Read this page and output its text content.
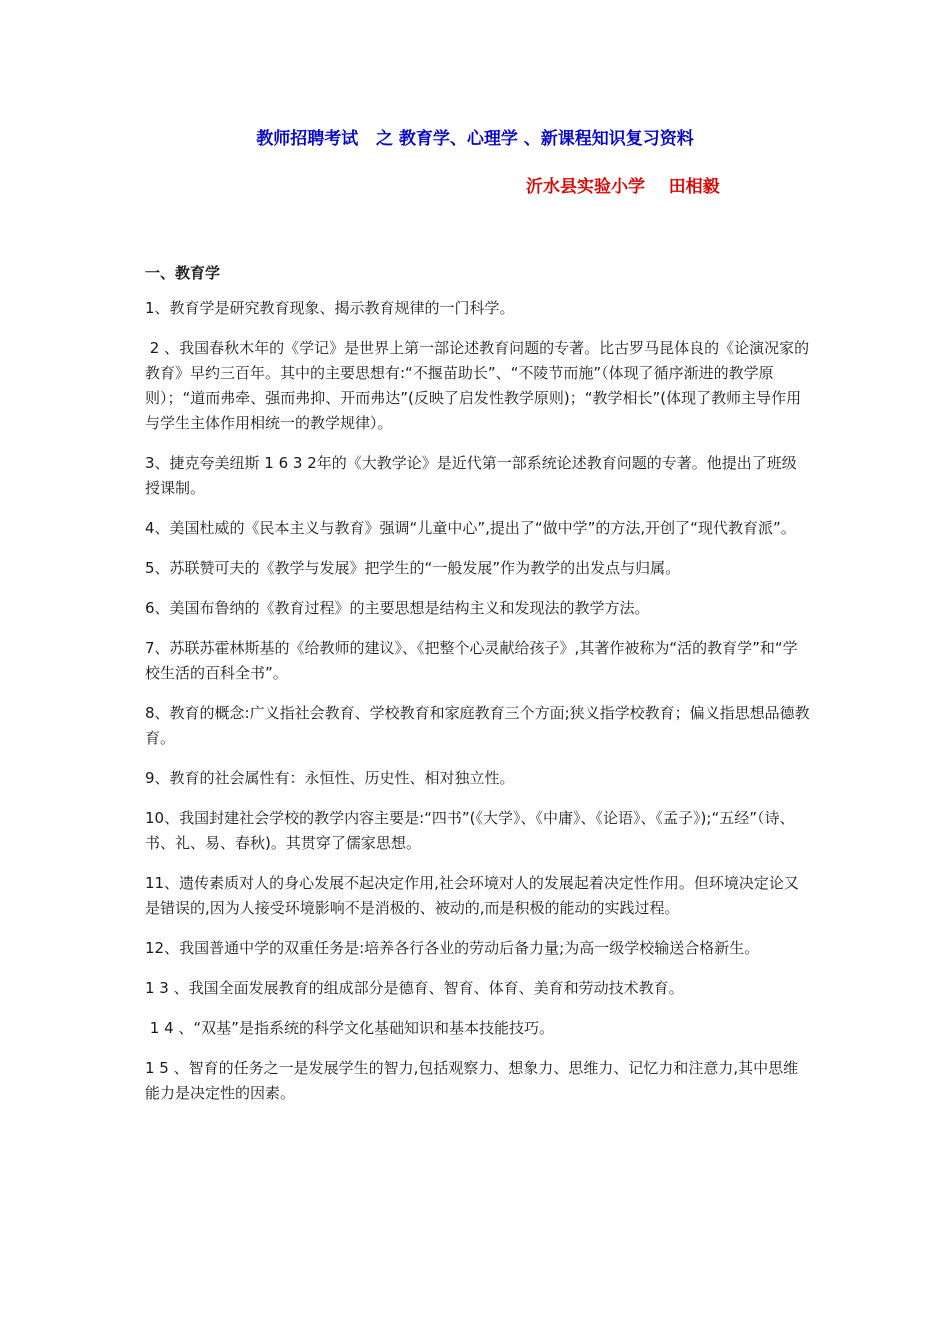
教师招聘考试   之 教育学、心理学 、新课程知识复习资料
沂水县实验小学    田相毅
一、教育学

1、教育学是研究教育现象、揭示教育规律的一门科学。

2 、我国春秋木年的《学记》是世界上第一部论述教育问题的专著。比古罗马昆体良的《论演况家的教育》早约三百年。其中的主要思想有:“不揠苗助长”、“不陵节而施”（体现了循序渐进的教学原则）；“道而弗牵、强而弗抑、开而弗达”(反映了启发性教学原则)；“教学相长”(体现了教师主导作用与学生主体作用相统一的教学规律）。

3、捷克夸美纽斯 1 6 3 2年的《大教学论》是近代第一部系统论述教育问题的专著。他提出了班级授课制。

4、美国杜威的《民本主义与教育》强调“儿童中心”,提出了“做中学”的方法,开创了“现代教育派”。

5、苏联赞可夫的《教学与发展》把学生的“一般发展”作为教学的出发点与归属。

6、美国布鲁纳的《教育过程》的主要思想是结构主义和发现法的教学方法。

7、苏联苏霍林斯基的《给教师的建议》、《把整个心灵献给孩子》,其著作被称为“活的教育学”和“学校生活的百科全书”。

8、教育的概念:广义指社会教育、学校教育和家庭教育三个方面;狭义指学校教育；偏义指思想品德教育。

9、教育的社会属性有：永恒性、历史性、相对独立性。

10、我国封建社会学校的教学内容主要是:“四书”(《大学》、《中庸》、《论语》、《孟子》);“五经”（诗、书、礼、易、春秋)。其贯穿了儒家思想。

11、遗传素质对人的身心发展不起决定作用,社会环境对人的发展起着决定性作用。但环境决定论又是错误的,因为人接受环境影响不是消极的、被动的,而是积极的能动的实践过程。

12、我国普通中学的双重任务是:培养各行各业的劳动后备力量;为高一级学校输送合格新生。

1 3 、我国全面发展教育的组成部分是德育、智育、体育、美育和劳动技术教育。

1 4 、“双基”是指系统的科学文化基础知识和基本技能技巧。

1 5 、智育的任务之一是发展学生的智力,包括观察力、想象力、思维力、记忆力和注意力,其中思维能力是决定性的因素。
